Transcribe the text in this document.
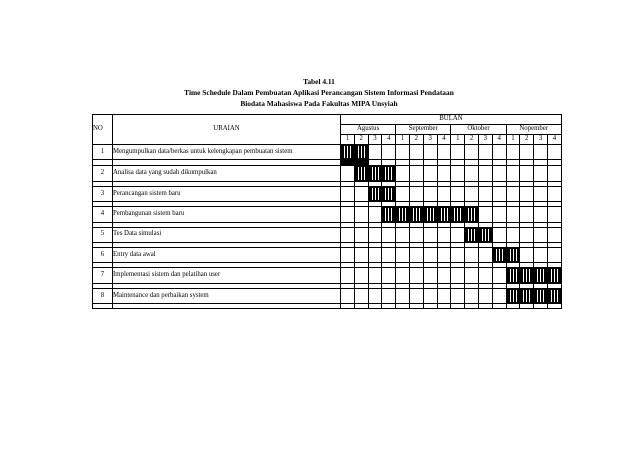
Tabel 4.11
Time Schedule Dalam Pembuatan Aplikasi Perancangan Sistem Informasi Pendataan
Biodata Mahasiswa Pada Fakultas MIPA Unsyiah
NO	URAIAN	BULAN															
		Agustus				September				Oktober				Nopember			
		1	2	3	4	1	2	3	4	1	2	3	4	1	2	3	4
1	Mengumpulkan data/berkas untuk kelengkapan pembuatan sistem	

2	Analisa data yang sudah dikumpulkan		

3	Perancangan sistem baru			

4	Pembangunan sistem baru				

5	Tes Data simulasi										

6	Entry data awal												

7	Implementasi sistem dan pelatihan user													

8	Maintenance dan perbaikan system													
